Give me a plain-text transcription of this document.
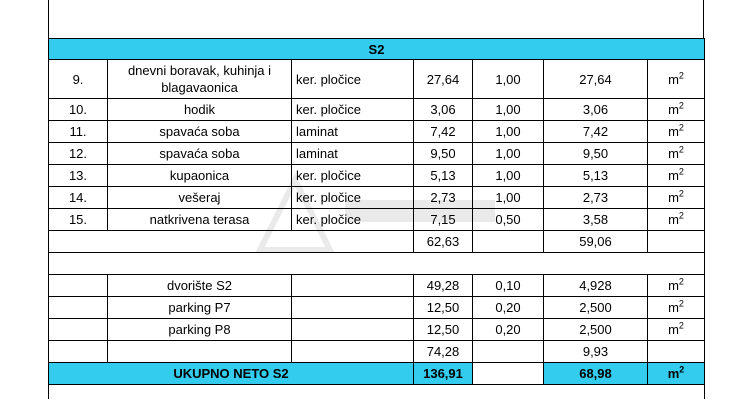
S2						
9.	dnevni boravak, kuhinja i blagavaonica	ker. pločice	27,64	1,00	27,64	$m^2$
10.	hodik	ker. pločice	3,06	1,00	3,06	$m^2$
11.	spavaća soba	laminat	7,42	1,00	7,42	$m^2$
12.	spavaća soba	laminat	9,50	1,00	9,50	$m^2$
13.	kupaonica	ker. pločice	5,13	1,00	5,13	$m^2$
14.	vešeraj	ker. pločice	2,73	1,00	2,73	$m^2$
15.	natkrivena terasa	ker. pločice	7,15	0,50	3,58	$m^2$
			62,63		59,06	

	dvorište S2		49,28	0,10	4,928	$m^2$
	parking P7		12,50	0,20	2,500	$m^2$
	parking P8		12,50	0,20	2,500	$m^2$
			74,28		9,93	
UKUPNO NETO S2			136,91		68,98	$m^2$
